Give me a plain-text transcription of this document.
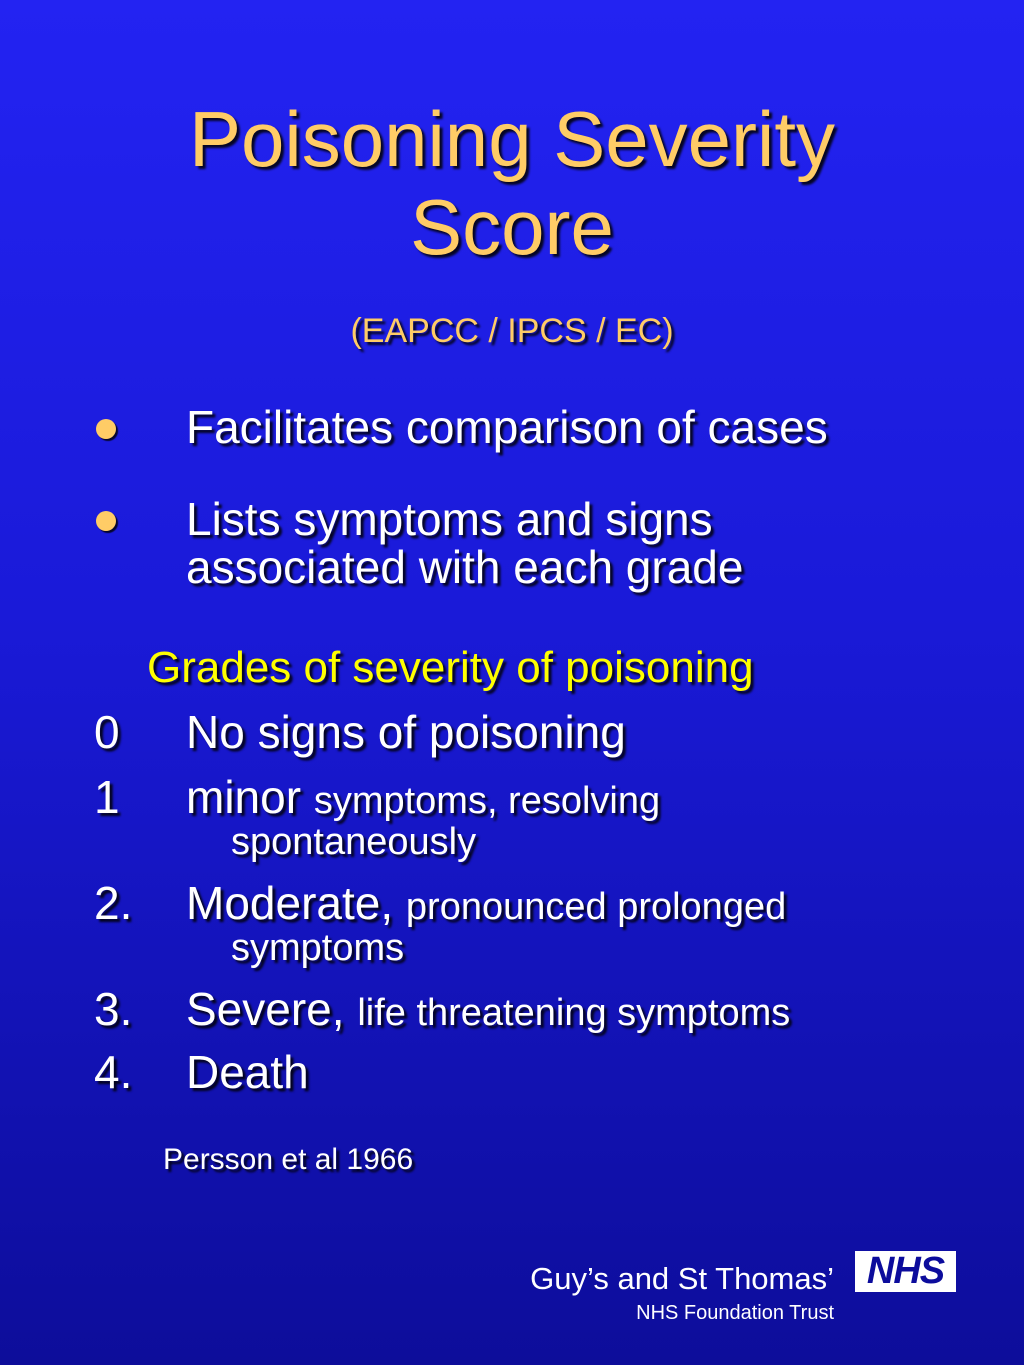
Poisoning Severity
Score
(EAPCC / IPCS / EC)
Facilitates comparison of cases
Lists symptoms and signs
associated with each grade
Grades of severity of poisoning
0 No signs of poisoning
1 minor symptoms, resolving
spontaneously
2. Moderate, pronounced prolonged
symptoms
3. Severe, life threatening symptoms
4. Death
Persson et al 1966
Guy’s and St Thomas’
NHS Foundation Trust
NHS
